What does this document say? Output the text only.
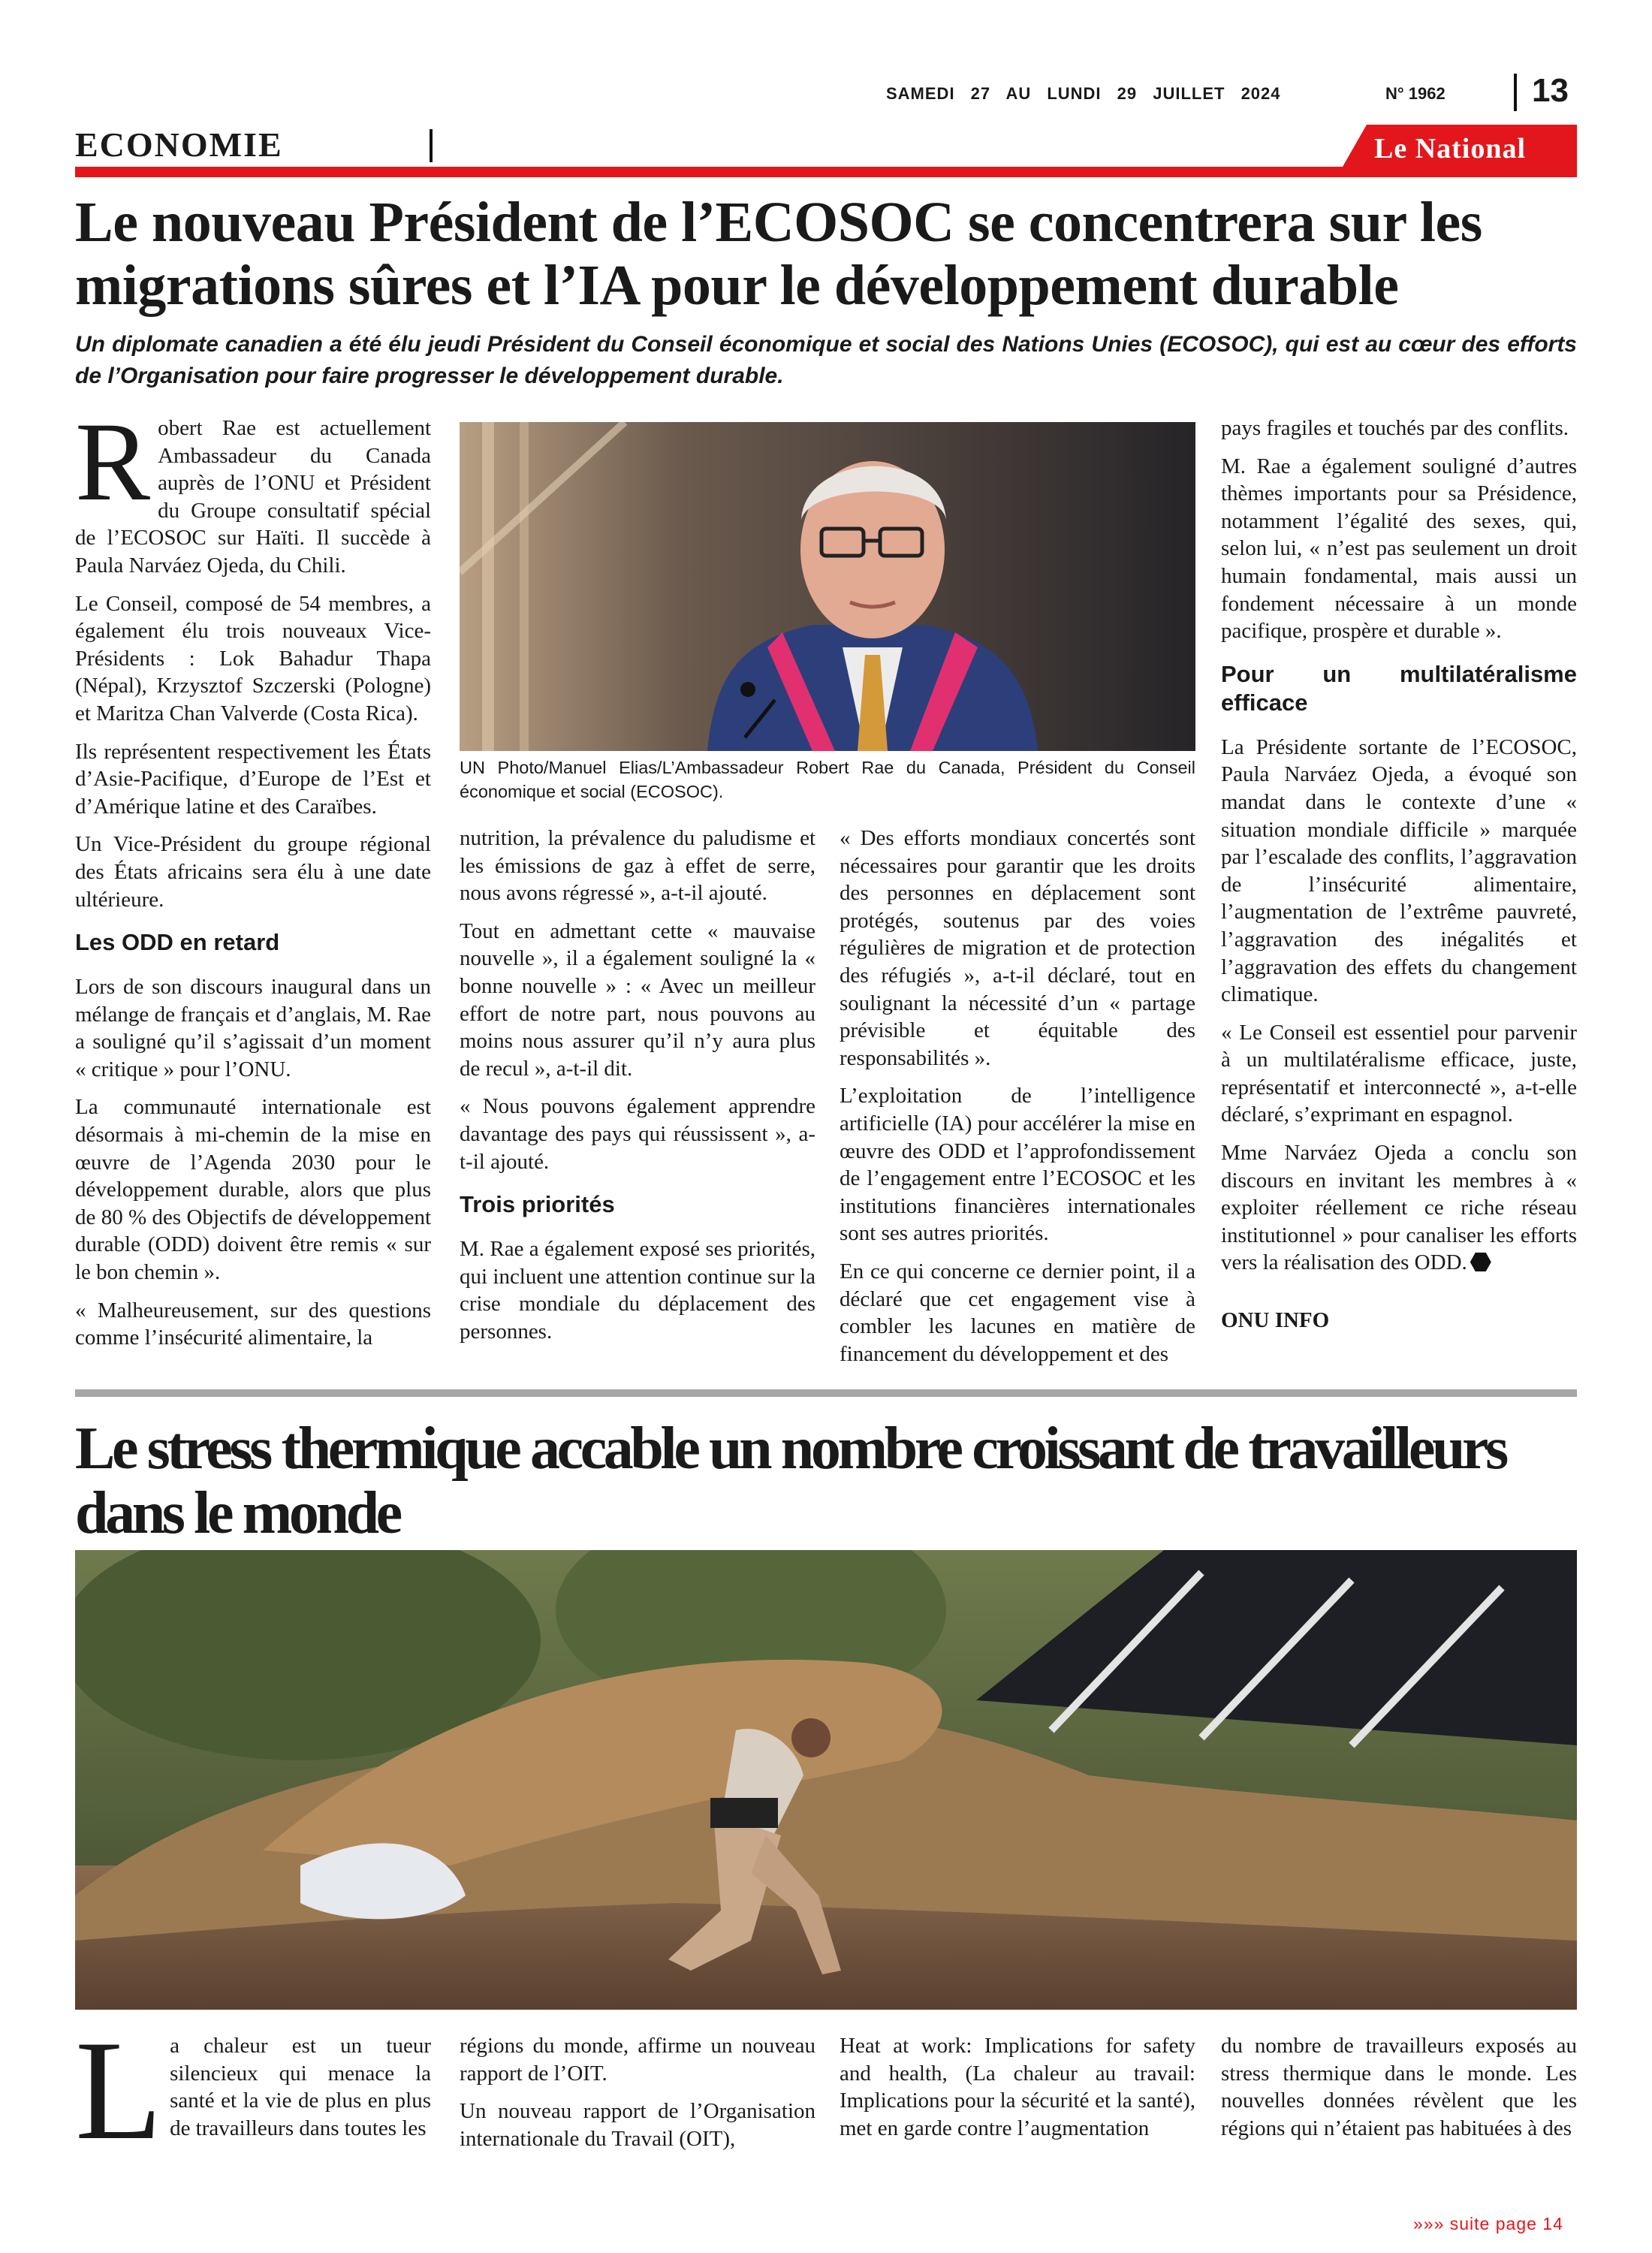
SAMEDI 27 AU LUNDI 29 JUILLET 2024	N° 1962	13
ECONOMIE	Le National
Le nouveau Président de l’ECOSOC se concentrera sur les migrations sûres et l’IA pour le développement durable
Un diplomate canadien a été élu jeudi Président du Conseil économique et social des Nations Unies (ECOSOC), qui est au cœur des efforts de l’Organisation pour faire progresser le développement durable.

Robert Rae est actuellement Ambassadeur du Canada auprès de l’ONU et Président du Groupe consultatif spécial de l’ECOSOC sur Haïti. Il succède à Paula Narváez Ojeda, du Chili.

Le Conseil, composé de 54 membres, a également élu trois nouveaux Vice-Présidents : Lok Bahadur Thapa (Népal), Krzysztof Szczerski (Pologne) et Maritza Chan Valverde (Costa Rica).

Ils représentent respectivement les États d’Asie-Pacifique, d’Europe de l’Est et d’Amérique latine et des Caraïbes.

Un Vice-Président du groupe régional des États africains sera élu à une date ultérieure.

Les ODD en retard

Lors de son discours inaugural dans un mélange de français et d’anglais, M. Rae a souligné qu’il s’agissait d’un moment « critique » pour l’ONU.

La communauté internationale est désormais à mi-chemin de la mise en œuvre de l’Agenda 2030 pour le développement durable, alors que plus de 80 % des Objectifs de développement durable (ODD) doivent être remis « sur le bon chemin ».

« Malheureusement, sur des questions comme l’insécurité alimentaire, la

UN Photo/Manuel Elias/L’Ambassadeur Robert Rae du Canada, Président du Conseil économique et social (ECOSOC).

nutrition, la prévalence du paludisme et les émissions de gaz à effet de serre, nous avons régressé », a-t-il ajouté.

Tout en admettant cette « mauvaise nouvelle », il a également souligné la « bonne nouvelle » : « Avec un meilleur effort de notre part, nous pouvons au moins nous assurer qu’il n’y aura plus de recul », a-t-il dit.

« Nous pouvons également apprendre davantage des pays qui réussissent », a-t-il ajouté.

Trois priorités

M. Rae a également exposé ses priorités, qui incluent une attention continue sur la crise mondiale du déplacement des personnes.

« Des efforts mondiaux concertés sont nécessaires pour garantir que les droits des personnes en déplacement sont protégés, soutenus par des voies régulières de migration et de protection des réfugiés », a-t-il déclaré, tout en soulignant la nécessité d’un « partage prévisible et équitable des responsabilités ».

L’exploitation de l’intelligence artificielle (IA) pour accélérer la mise en œuvre des ODD et l’approfondissement de l’engagement entre l’ECOSOC et les institutions financières internationales sont ses autres priorités.

En ce qui concerne ce dernier point, il a déclaré que cet engagement vise à combler les lacunes en matière de financement du développement et des

pays fragiles et touchés par des conflits.

M. Rae a également souligné d’autres thèmes importants pour sa Présidence, notamment l’égalité des sexes, qui, selon lui, « n’est pas seulement un droit humain fondamental, mais aussi un fondement nécessaire à un monde pacifique, prospère et durable ».

Pour un multilatéralisme efficace

La Présidente sortante de l’ECOSOC, Paula Narváez Ojeda, a évoqué son mandat dans le contexte d’une « situation mondiale difficile » marquée par l’escalade des conflits, l’aggravation de l’insécurité alimentaire, l’augmentation de l’extrême pauvreté, l’aggravation des inégalités et l’aggravation des effets du changement climatique.

« Le Conseil est essentiel pour parvenir à un multilatéralisme efficace, juste, représentatif et interconnecté », a-t-elle déclaré, s’exprimant en espagnol.

Mme Narváez Ojeda a conclu son discours en invitant les membres à « exploiter réellement ce riche réseau institutionnel » pour canaliser les efforts vers la réalisation des ODD.

ONU INFO

Le stress thermique accable un nombre croissant de travailleurs dans le monde

La chaleur est un tueur silencieux qui menace la santé et la vie de plus en plus de travailleurs dans toutes les

régions du monde, affirme un nouveau rapport de l’OIT.

Un nouveau rapport de l’Organisation internationale du Travail (OIT),

Heat at work: Implications for safety and health, (La chaleur au travail: Implications pour la sécurité et la santé), met en garde contre l’augmentation

du nombre de travailleurs exposés au stress thermique dans le monde. Les nouvelles données révèlent que les régions qui n’étaient pas habituées à des

»»» suite page 14
